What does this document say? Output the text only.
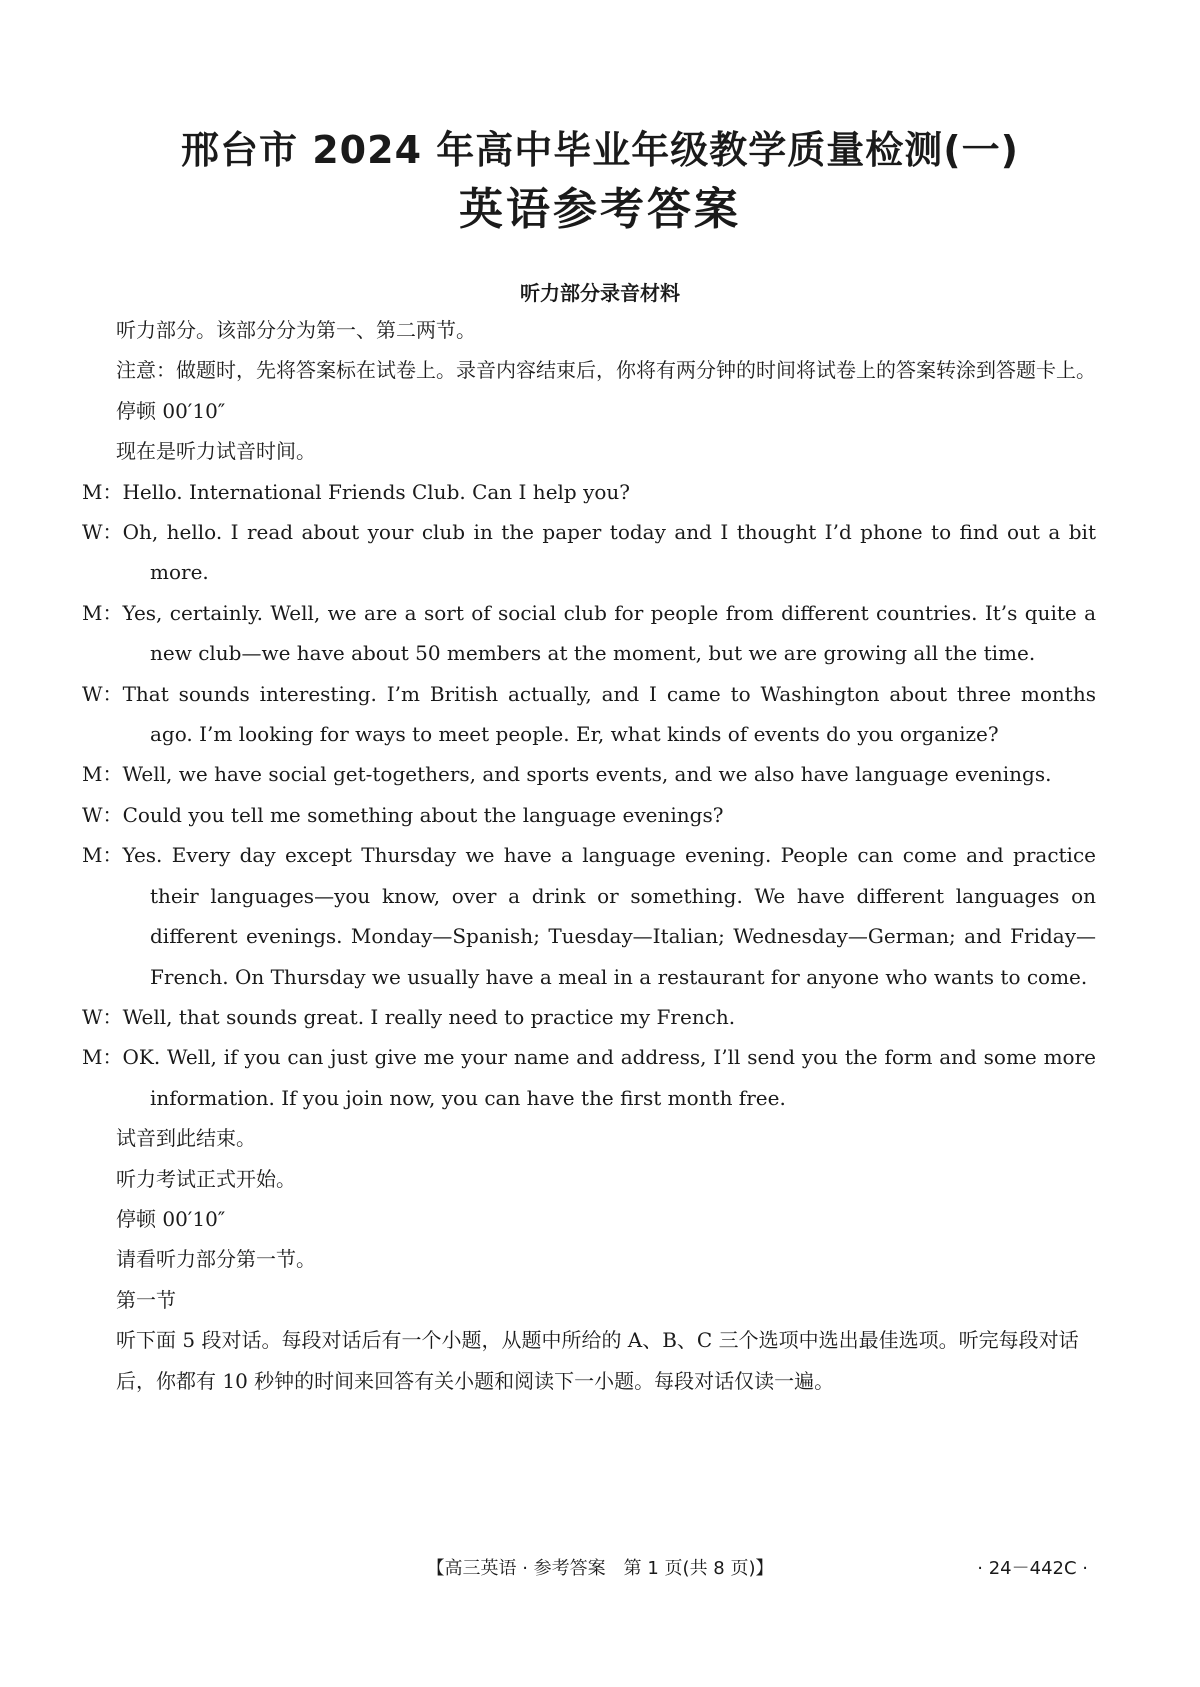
邢台市 2024 年高中毕业年级教学质量检测(一)
英语参考答案
听力部分录音材料

听力部分。该部分分为第一、第二两节。

注意：做题时，先将答案标在试卷上。录音内容结束后，你将有两分钟的时间将试卷上的答案转涂到答题卡上。

停顿 00′10″

现在是听力试音时间。

M：Hello. International Friends Club. Can I help you?

W：Oh, hello. I read about your club in the paper today and I thought I’d phone to find out a bit more.

M：Yes, certainly. Well, we are a sort of social club for people from different countries. It’s quite a new club—we have about 50 members at the moment, but we are growing all the time.

W：That sounds interesting. I’m British actually, and I came to Washington about three months ago. I’m looking for ways to meet people. Er, what kinds of events do you organize?

M：Well, we have social get-togethers, and sports events, and we also have language evenings.

W：Could you tell me something about the language evenings?

M：Yes. Every day except Thursday we have a language evening. People can come and practice their languages—you know, over a drink or something. We have different languages on different evenings. Monday—Spanish; Tuesday—Italian; Wednesday—German; and Friday—French. On Thursday we usually have a meal in a restaurant for anyone who wants to come.

W：Well, that sounds great. I really need to practice my French.

M：OK. Well, if you can just give me your name and address, I’ll send you the form and some more information. If you join now, you can have the first month free.

试音到此结束。

听力考试正式开始。

停顿 00′10″

请看听力部分第一节。

第一节

听下面 5 段对话。每段对话后有一个小题，从题中所给的 A、B、C 三个选项中选出最佳选项。听完每段对话后，你都有 10 秒钟的时间来回答有关小题和阅读下一小题。每段对话仅读一遍。

【高三英语 · 参考答案　第 1 页(共 8 页)】	· 24－442C ·
